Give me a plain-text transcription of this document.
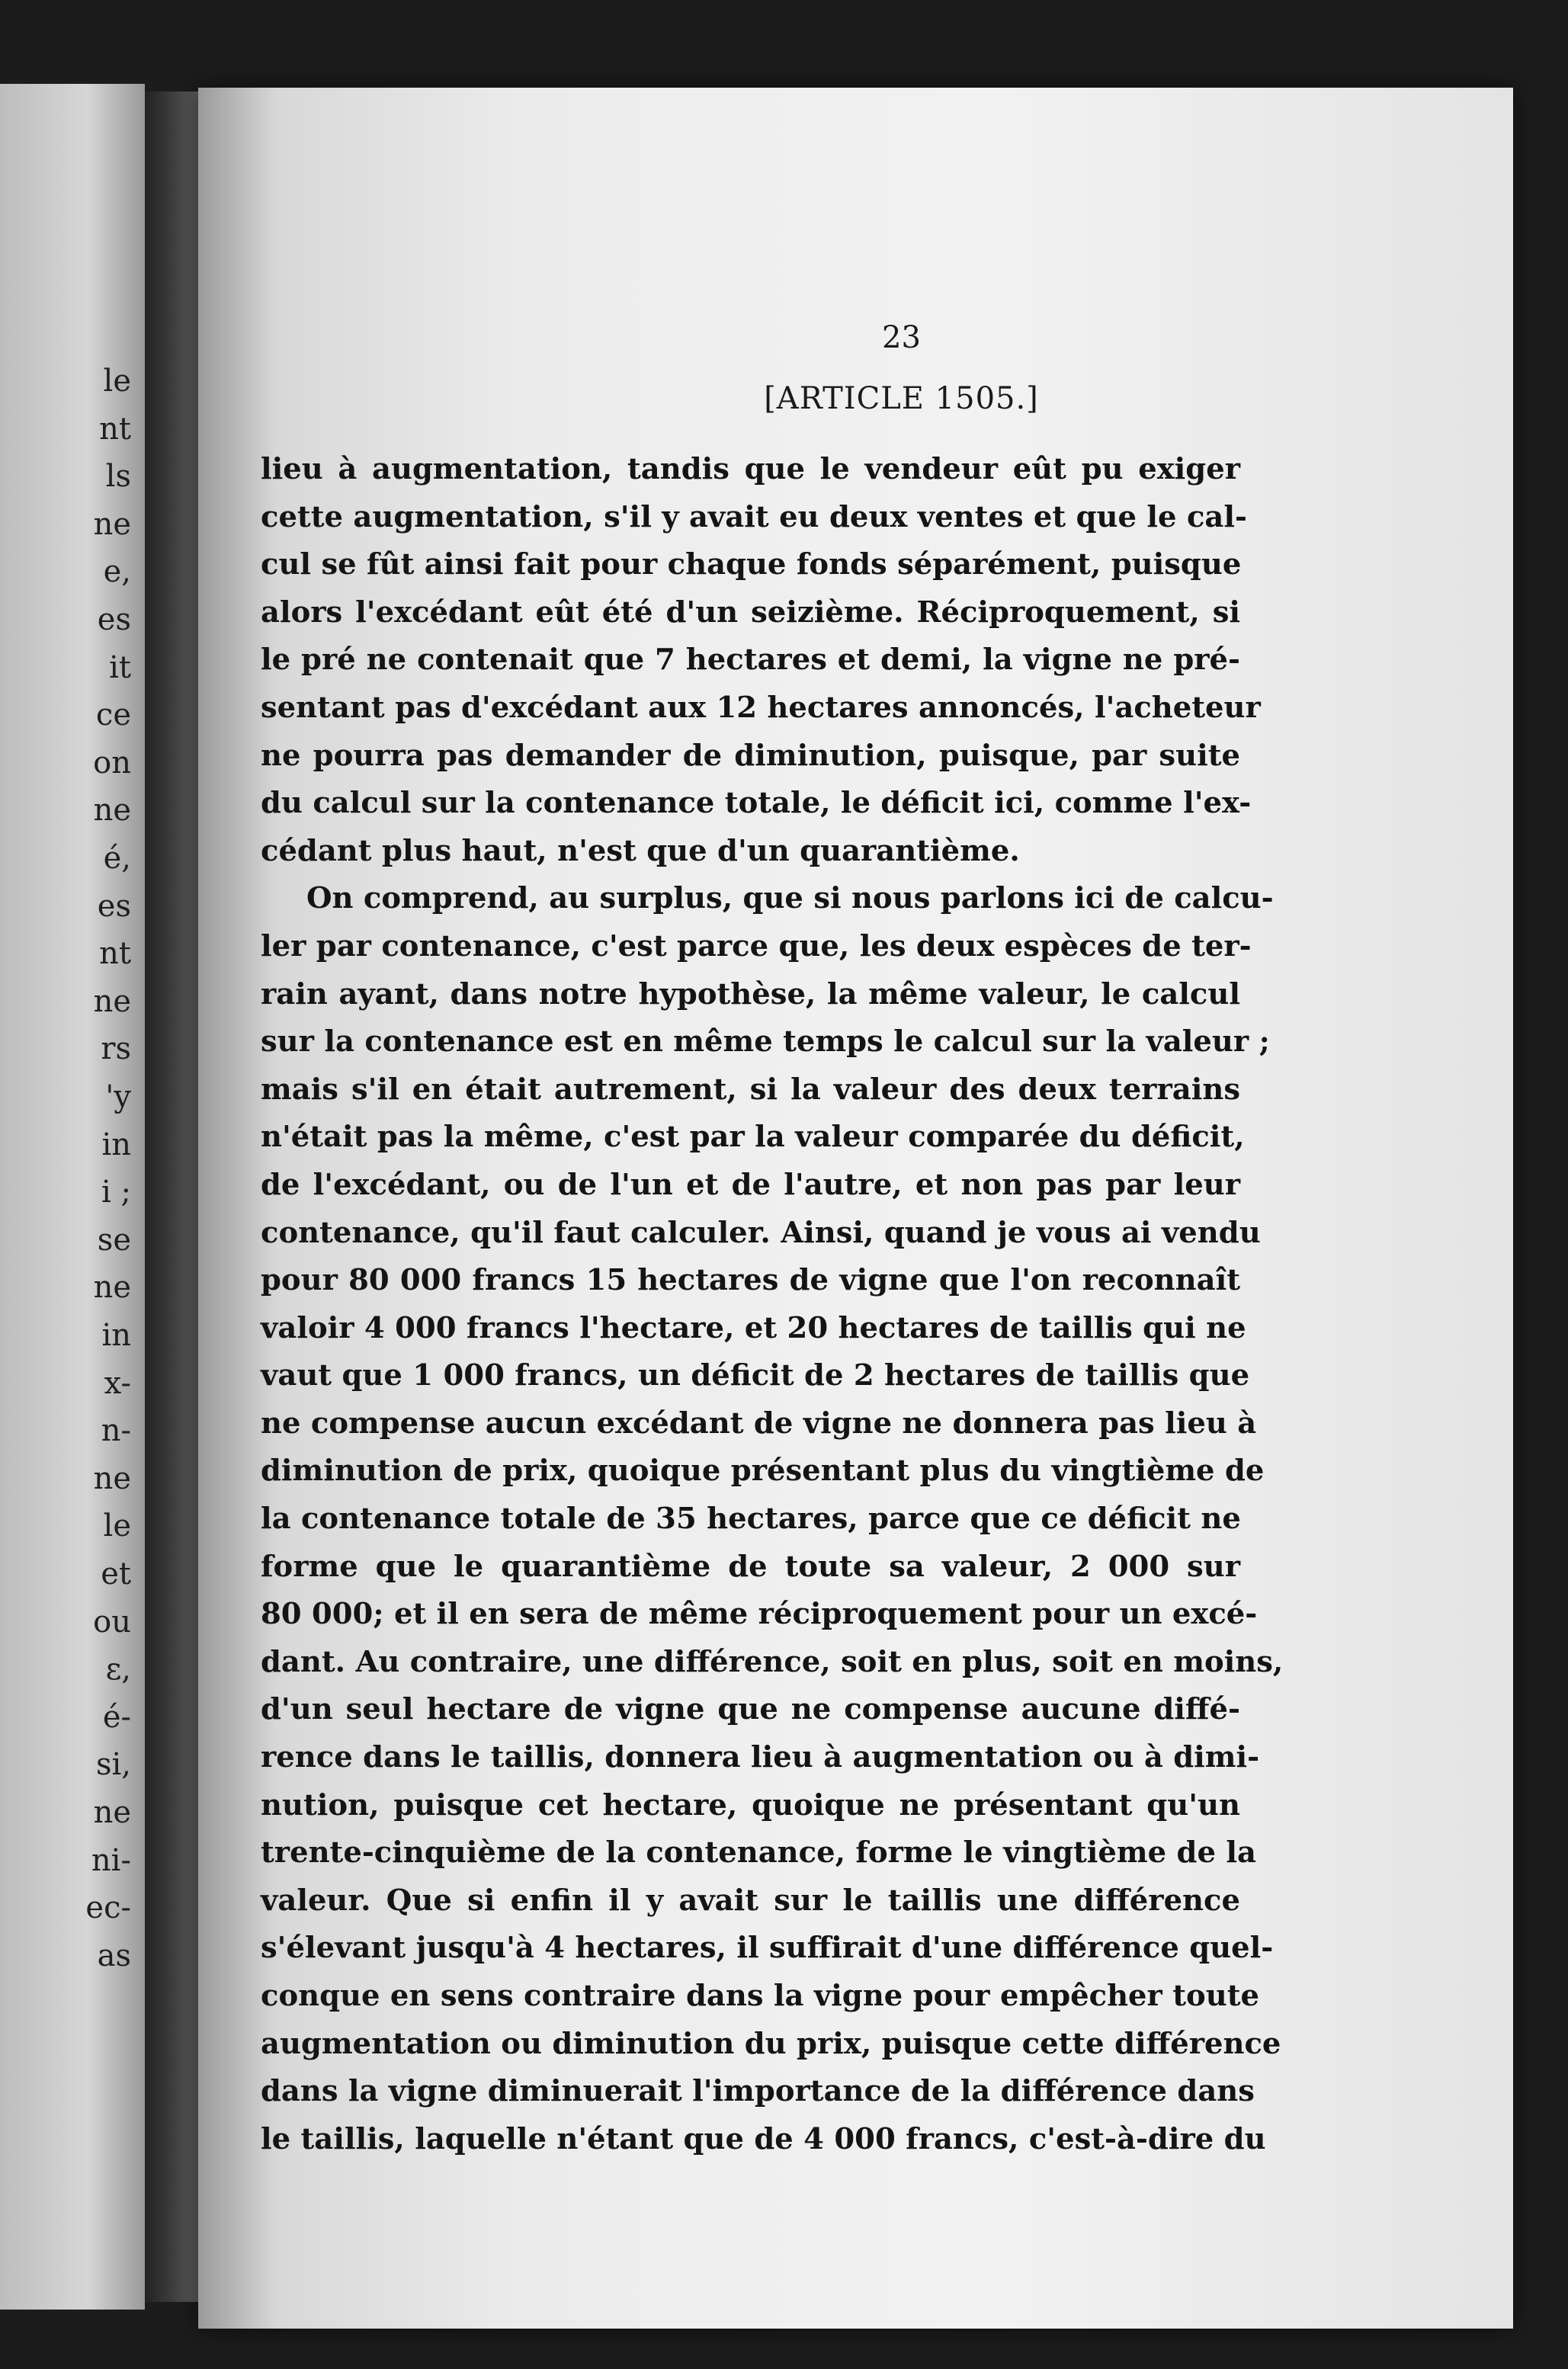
le
nt
ls
ne
e,
es
it
ce
on
ne
é,
es
nt
ne
rs
'y
in
i ;
se
ne
in
x-
n-
ne
le
et
ou
ε,
é-
si,
ne
ni-
ec-
as
23
[ARTICLE 1505.]
lieu à augmentation, tandis que le vendeur eût pu exiger
cette augmentation, s'il y avait eu deux ventes et que le cal-
cul se fût ainsi fait pour chaque fonds séparément, puisque
alors l'excédant eût été d'un seizième. Réciproquement, si
le pré ne contenait que 7 hectares et demi, la vigne ne pré-
sentant pas d'excédant aux 12 hectares annoncés, l'acheteur
ne pourra pas demander de diminution, puisque, par suite
du calcul sur la contenance totale, le déficit ici, comme l'ex-
cédant plus haut, n'est que d'un quarantième.
On comprend, au surplus, que si nous parlons ici de calcu-
ler par contenance, c'est parce que, les deux espèces de ter-
rain ayant, dans notre hypothèse, la même valeur, le calcul
sur la contenance est en même temps le calcul sur la valeur ;
mais s'il en était autrement, si la valeur des deux terrains
n'était pas la même, c'est par la valeur comparée du déficit,
de l'excédant, ou de l'un et de l'autre, et non pas par leur
contenance, qu'il faut calculer. Ainsi, quand je vous ai vendu
pour 80 000 francs 15 hectares de vigne que l'on reconnaît
valoir 4 000 francs l'hectare, et 20 hectares de taillis qui ne
vaut que 1 000 francs, un déficit de 2 hectares de taillis que
ne compense aucun excédant de vigne ne donnera pas lieu à
diminution de prix, quoique présentant plus du vingtième de
la contenance totale de 35 hectares, parce que ce déficit ne
forme que le quarantième de toute sa valeur, 2 000 sur
80 000; et il en sera de même réciproquement pour un excé-
dant. Au contraire, une différence, soit en plus, soit en moins,
d'un seul hectare de vigne que ne compense aucune diffé-
rence dans le taillis, donnera lieu à augmentation ou à dimi-
nution, puisque cet hectare, quoique ne présentant qu'un
trente-cinquième de la contenance, forme le vingtième de la
valeur. Que si enfin il y avait sur le taillis une différence
s'élevant jusqu'à 4 hectares, il suffirait d'une différence quel-
conque en sens contraire dans la vigne pour empêcher toute
augmentation ou diminution du prix, puisque cette différence
dans la vigne diminuerait l'importance de la différence dans
le taillis, laquelle n'étant que de 4 000 francs, c'est-à-dire du
